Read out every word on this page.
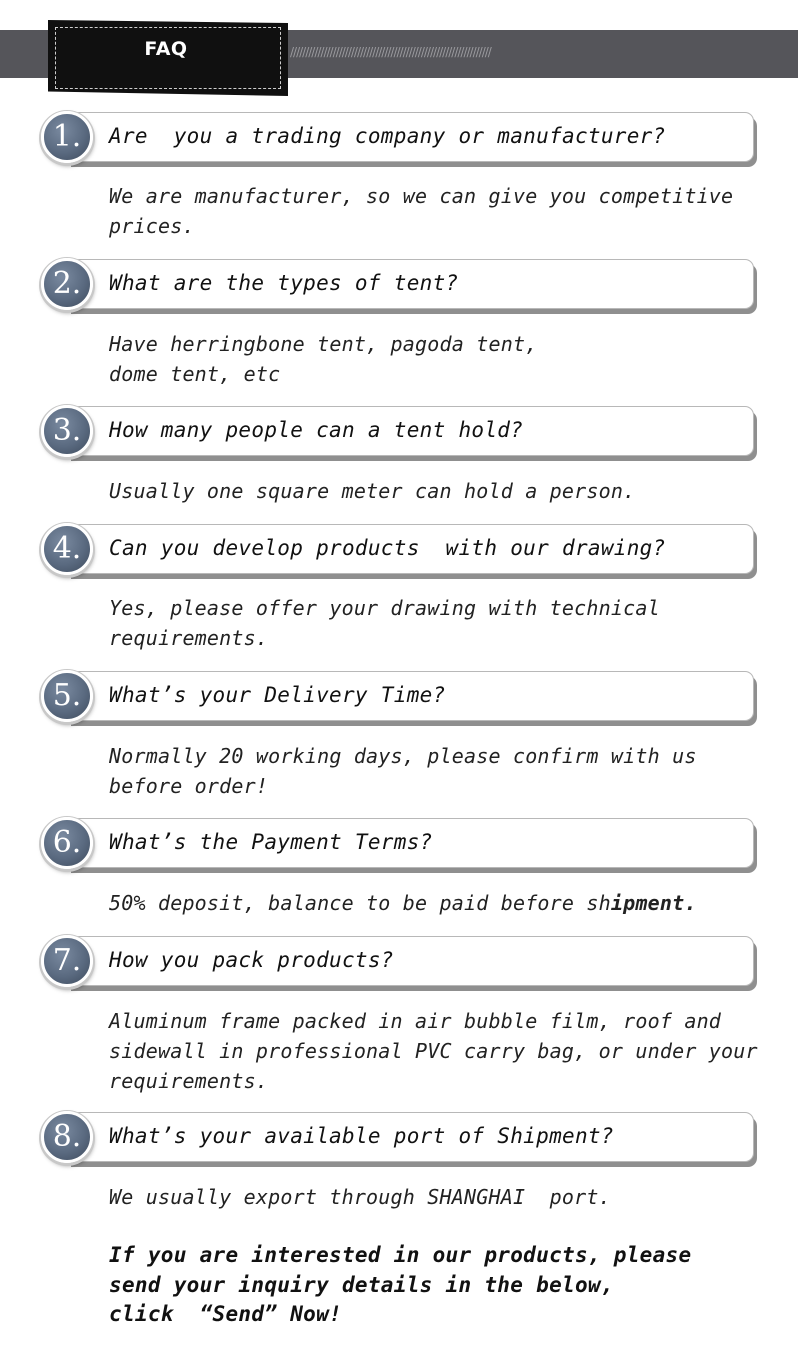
//////////////////////////////////////////////////////////////////
FAQ
1.	Are  you a trading company or manufacturer?
We are manufacturer, so we can give you competitive
prices.
2.	What are the types of tent?
Have herringbone tent, pagoda tent,
dome tent, etc
3.	How many people can a tent hold?
Usually one square meter can hold a person.
4.	Can you develop products  with our drawing?
Yes, please offer your drawing with technical
requirements.
5.	What’s your Delivery Time?
Normally 20 working days, please confirm with us
before order!
6.	What’s the Payment Terms?
50% deposit, balance to be paid before shipment.
7.	How you pack products?
Aluminum frame packed in air bubble film, roof and
sidewall in professional PVC carry bag, or under your
requirements.
8.	What’s your available port of Shipment?
We usually export through SHANGHAI  port.
If you are interested in our products, please
send your inquiry details in the below,
click  “Send” Now!
